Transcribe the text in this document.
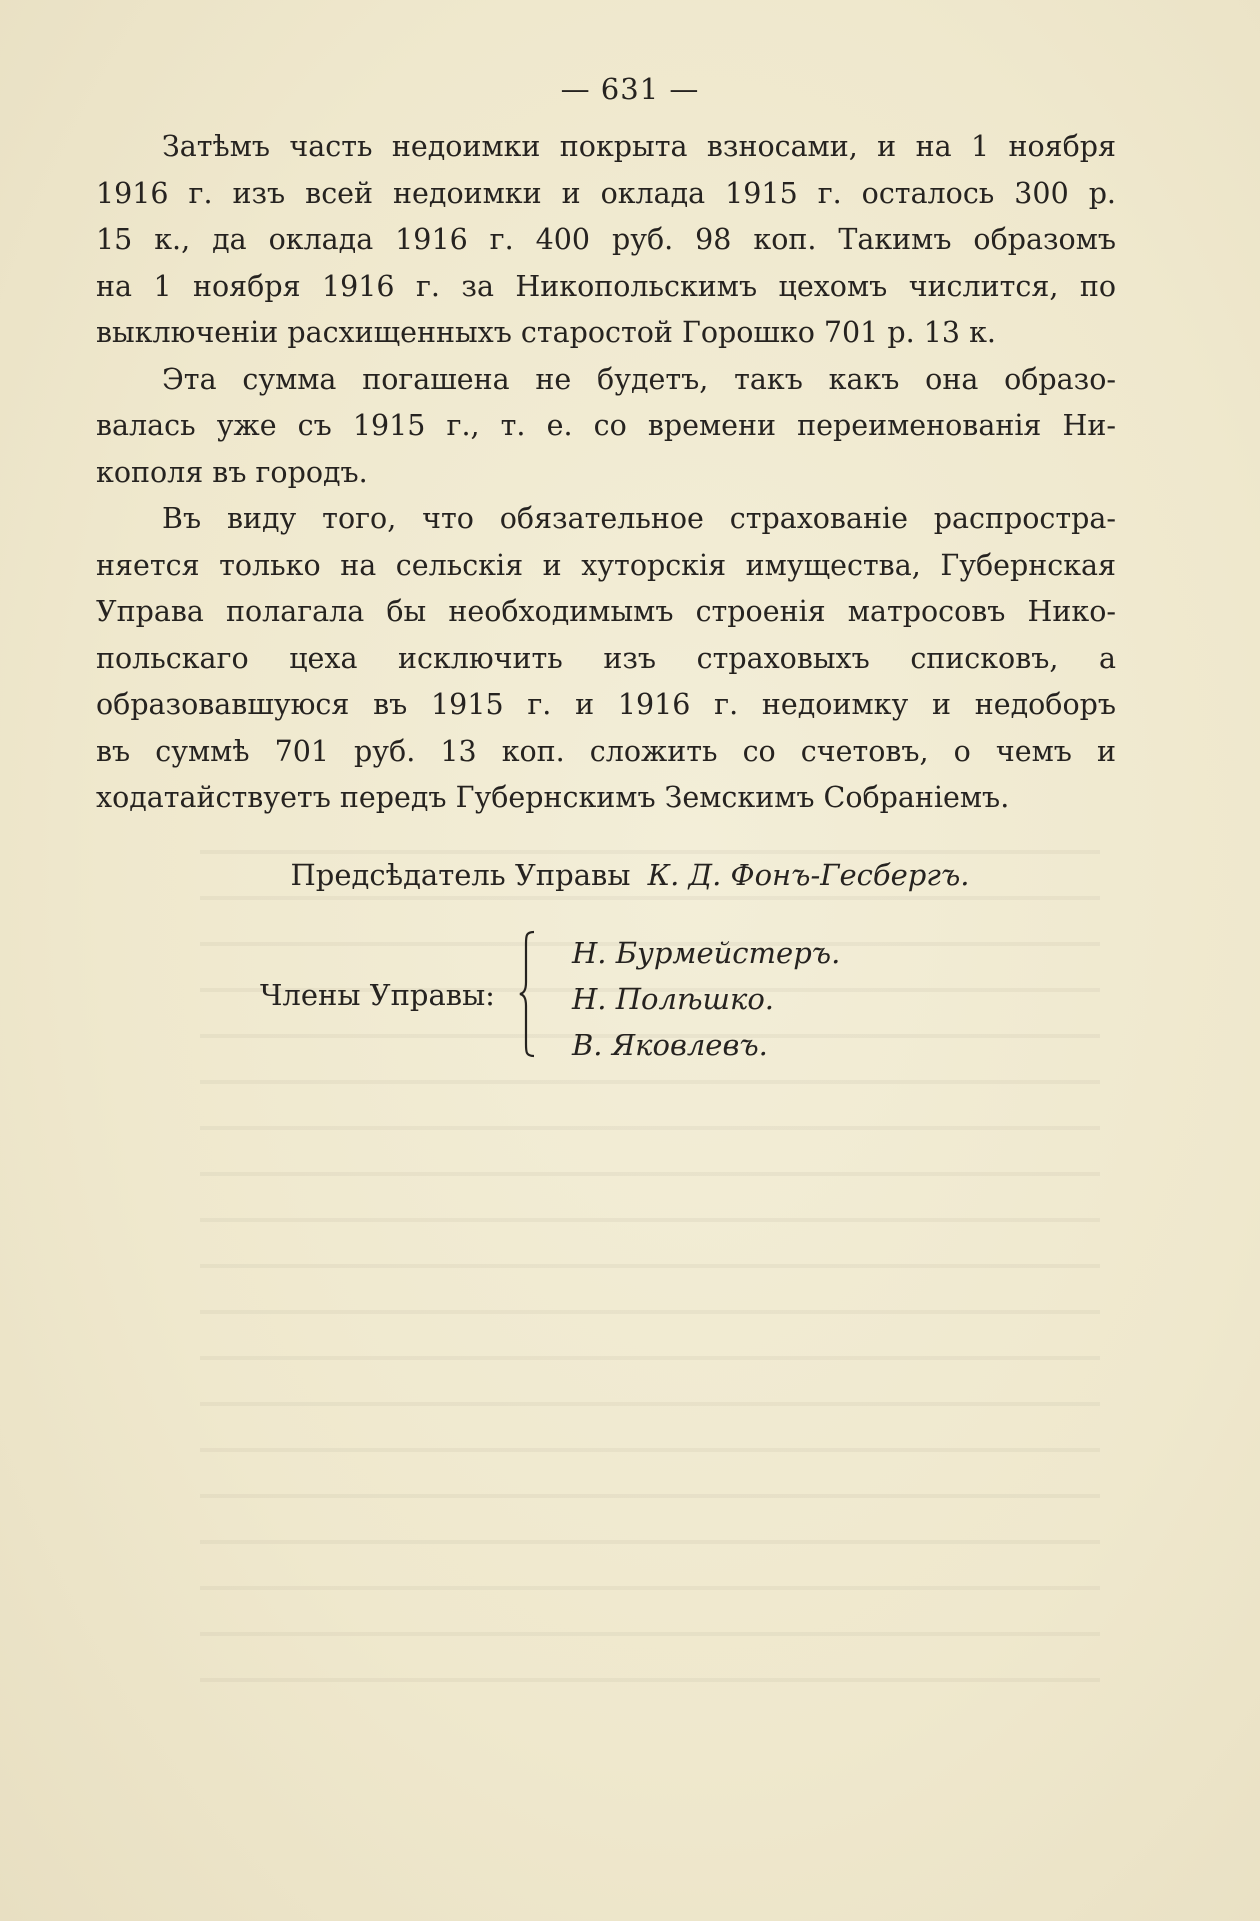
— 631 —

Затѣмъ часть недоимки покрыта взносами, и на 1 ноября
1916 г. изъ всей недоимки и оклада 1915 г. осталось 300 р.
15 к., да оклада 1916 г. 400 руб. 98 коп. Такимъ образомъ
на 1 ноября 1916 г. за Никопольскимъ цехомъ числится, по
выключеніи расхищенныхъ старостой Горошко 701 р. 13 к.

Эта сумма погашена не будетъ, такъ какъ она образо-
валась уже съ 1915 г., т. е. со времени переименованія Ни-
кополя въ городъ.

Въ виду того, что обязательное страхованіе распростра-
няется только на сельскія и хуторскія имущества, Губернская
Управа полагала бы необходимымъ строенія матросовъ Нико-
польскаго цеха исключить изъ страховыхъ списковъ, а
образовавшуюся въ 1915 г. и 1916 г. недоимку и недоборъ
въ суммѣ 701 руб. 13 коп. сложить со счетовъ, о чемъ и
ходатайствуетъ передъ Губернскимъ Земскимъ Собраніемъ.

Предсѣдатель Управы К. Д. Фонъ-Гесбергъ.
Члены Управы:
Н. Бурмейстеръ.
Н. Полѣшко.
В. Яковлевъ.
